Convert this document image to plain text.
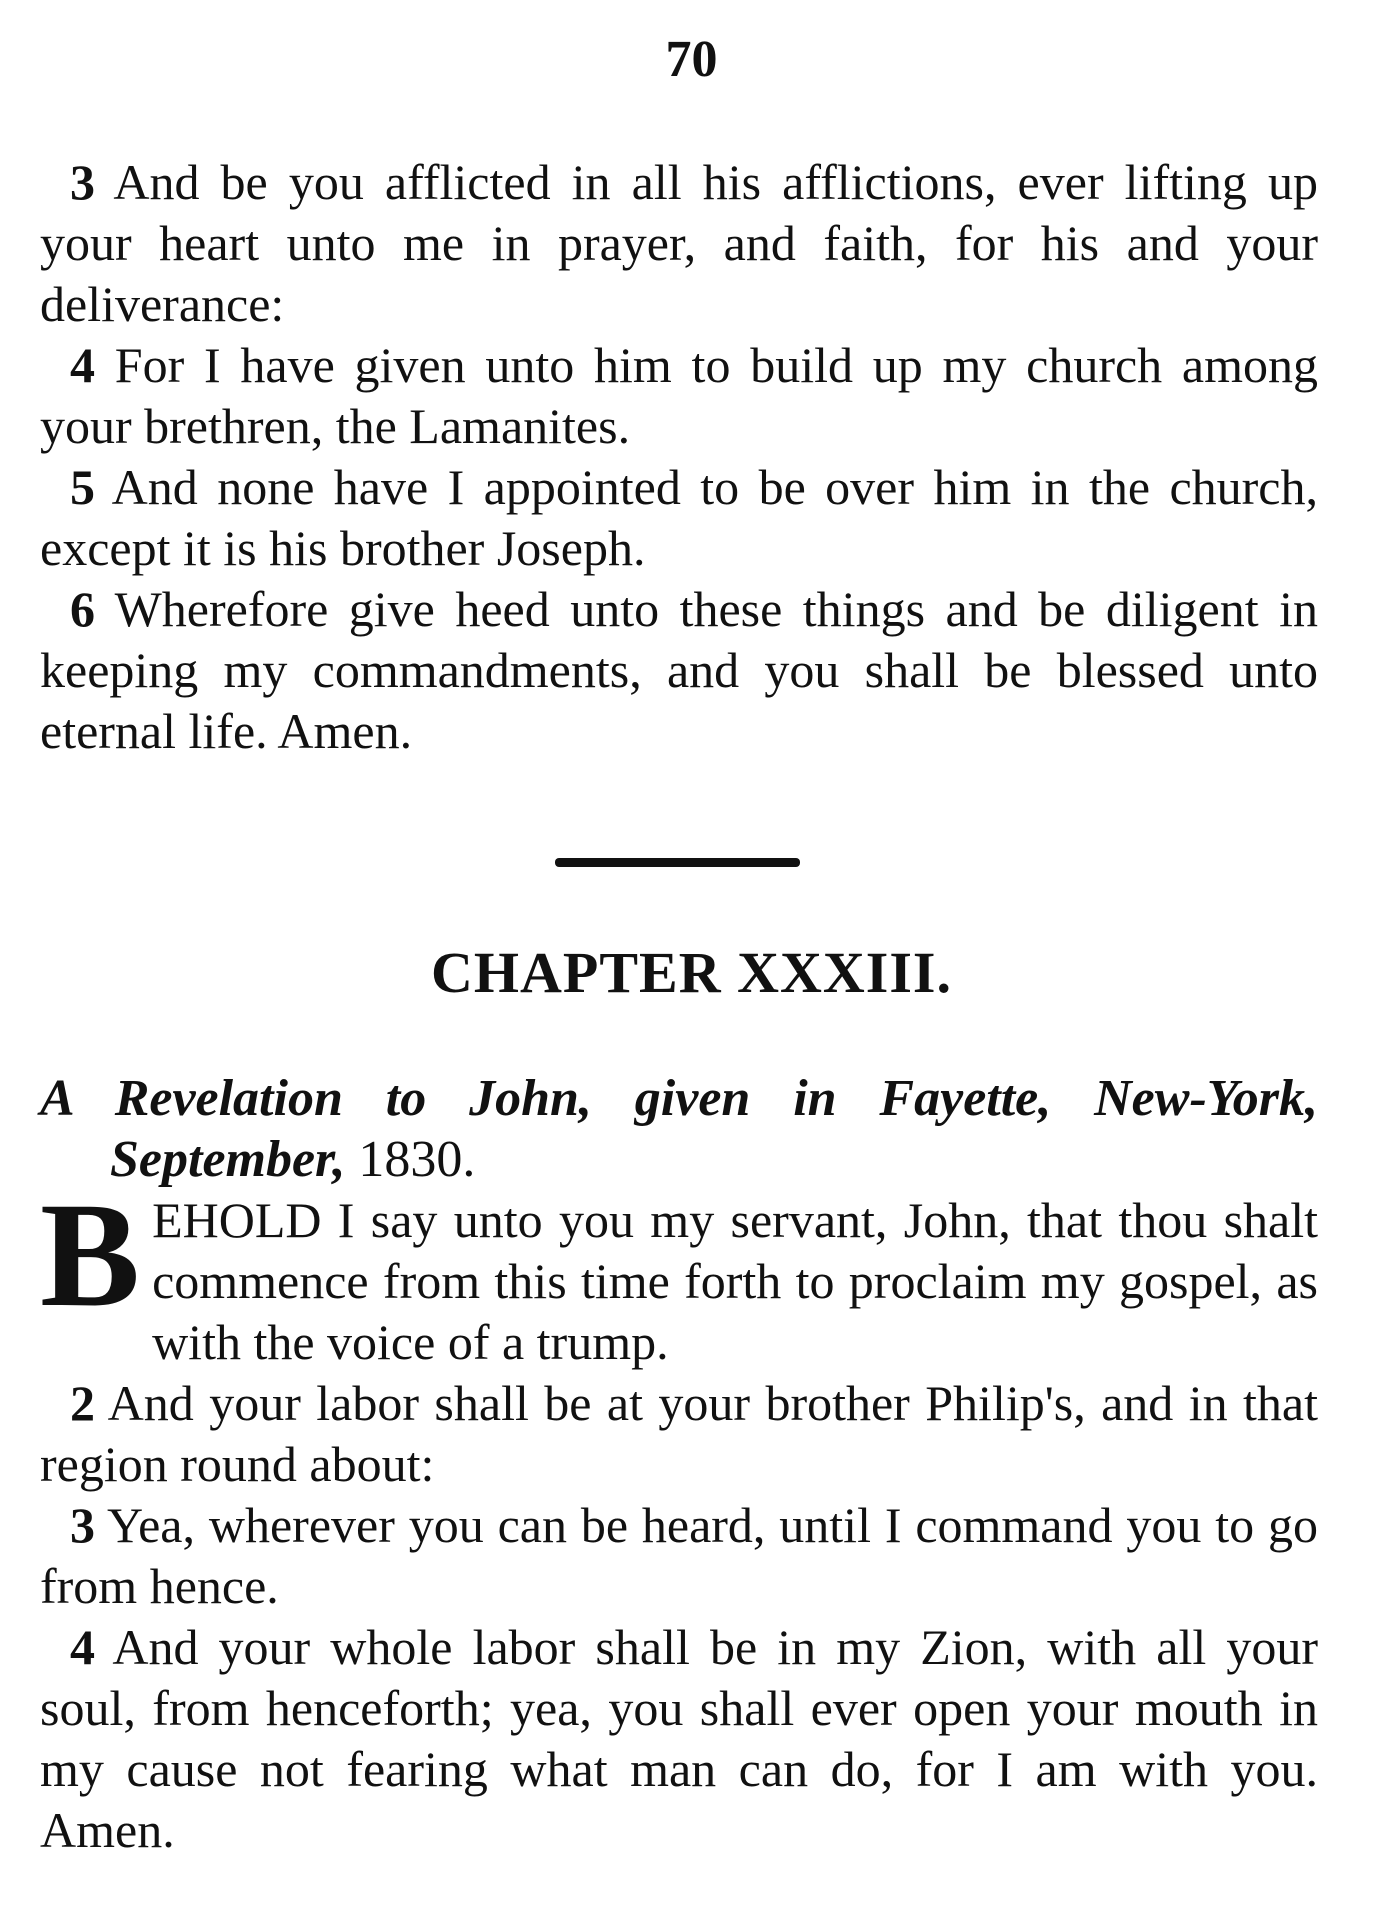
70

3 And be you afflicted in all his afflictions, ever lifting up your heart unto me in prayer, and faith, for his and your deliverance:

4 For I have given unto him to build up my church among your brethren, the Lamanites.

5 And none have I appointed to be over him in the church, except it is his brother Joseph.

6 Wherefore give heed unto these things and be diligent in keeping my commandments, and you shall be blessed unto eternal life. Amen.

CHAPTER XXXIII.
A Revelation to John, given in Fayette, New-York, September, 1830.

BEHOLD I say unto you my servant, John, that thou shalt commence from this time forth to proclaim my gospel, as with the voice of a trump.

2 And your labor shall be at your brother Philip's, and in that region round about:

3 Yea, wherever you can be heard, until I command you to go from hence.

4 And your whole labor shall be in my Zion, with all your soul, from henceforth; yea, you shall ever open your mouth in my cause not fearing what man can do, for I am with you. Amen.
